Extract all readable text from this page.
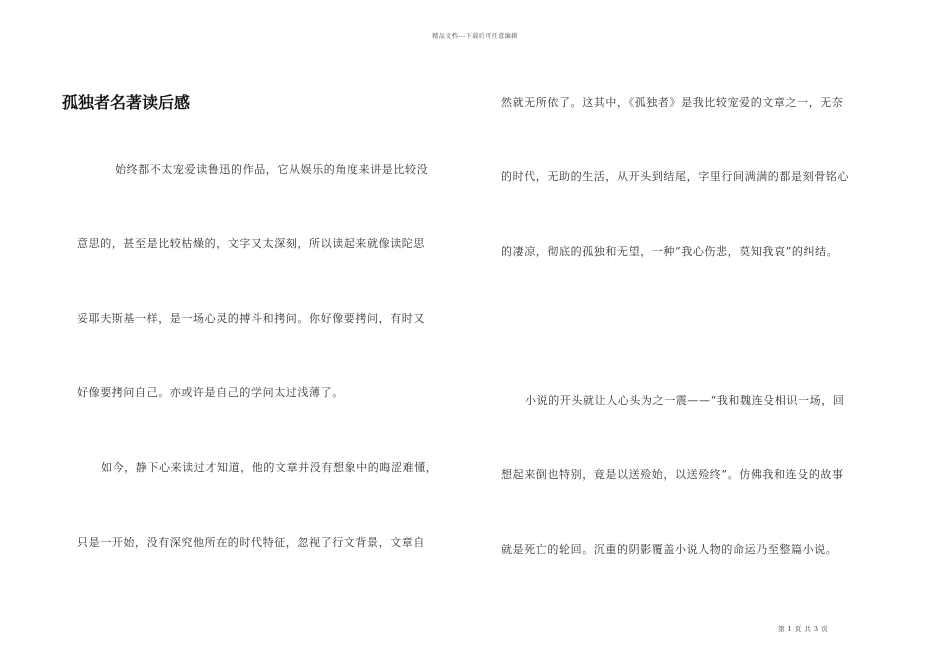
精品文档---下载后可任意编辑
孤独者名著读后感
始终都不太宠爱读鲁迅的作品，它从娱乐的角度来讲是比较没
意思的，甚至是比较枯燥的，文字又太深刻，所以读起来就像读陀思
妥耶夫斯基一样，是一场心灵的搏斗和拷问。你好像要拷问，有时又
好像要拷问自己。亦或许是自己的学问太过浅薄了。
如今，静下心来读过才知道，他的文章并没有想象中的晦涩难懂，
只是一开始，没有深究他所在的时代特征，忽视了行文背景，文章自
然就无所依了。这其中，《孤独者》是我比较宠爱的文章之一，无奈
的时代，无助的生活，从开头到结尾，字里行间满满的都是刻骨铭心
的凄凉，彻底的孤独和无望，一种“我心伤悲，莫知我哀”的纠结。
小说的开头就让人心头为之一震——“我和魏连殳相识一场，回
想起来倒也特别，竟是以送殓始，以送殓终”。仿佛我和连殳的故事
就是死亡的轮回。沉重的阴影覆盖小说人物的命运乃至整篇小说。
第 1 页 共 3 页
